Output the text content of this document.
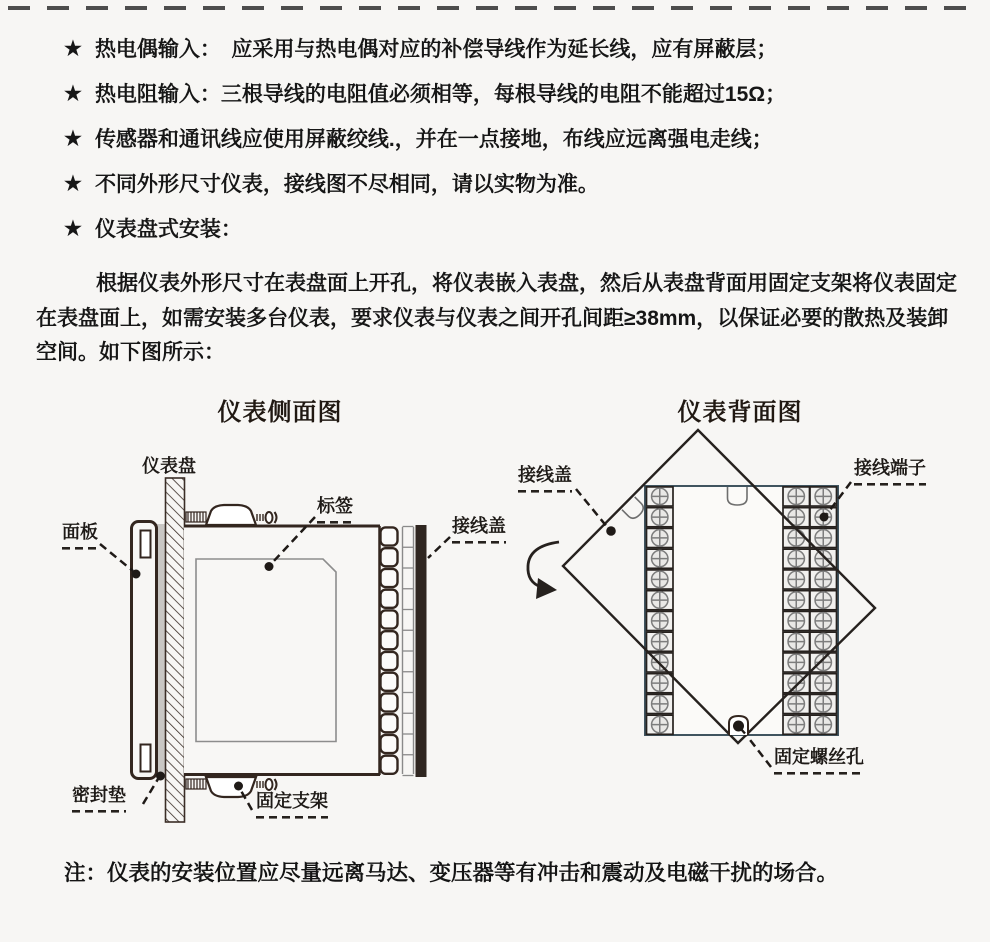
★ 热电偶输入：　应采用与热电偶对应的补偿导线作为延长线，应有屏蔽层；
★ 热电阻输入：三根导线的电阻值必须相等，每根导线的电阻不能超过15Ω；
★ 传感器和通讯线应使用屏蔽绞线.，并在一点接地，布线应远离强电走线；
★ 不同外形尺寸仪表，接线图不尽相同，请以实物为准。
★ 仪表盘式安装：
根据仪表外形尺寸在表盘面上开孔，将仪表嵌入表盘，然后从表盘背面用固定支架将仪表固定在表盘面上，如需安装多台仪表，要求仪表与仪表之间开孔间距≥38mm，以保证必要的散热及装卸空间。如下图所示：
仪表侧面图	仪表背面图
仪表盘
面板
标签
接线盖
密封垫	固定支架
接线盖	接线端子
固定螺丝孔
注：仪表的安装位置应尽量远离马达、变压器等有冲击和震动及电磁干扰的场合。
